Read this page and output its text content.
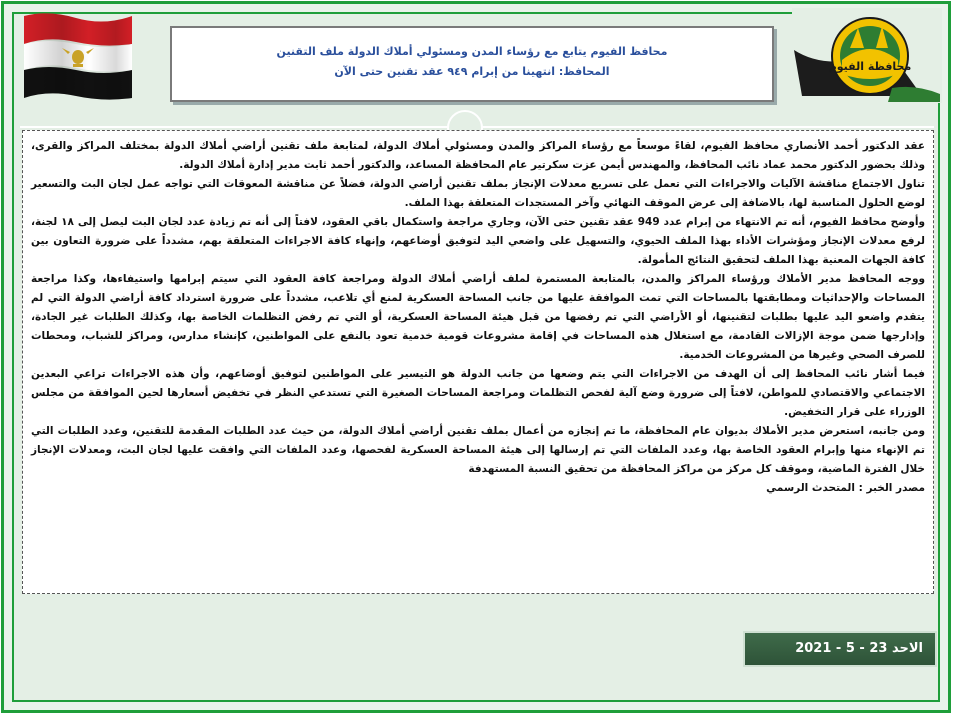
محافظة الفيوم
محافظ الفيوم يتابع مع رؤساء المدن ومسئولي أملاك الدولة ملف التقنين
المحافظ: انتهينا من إبرام ٩٤٩ عقد تقنين حتى الآن

عقد الدكتور أحمد الأنصاري محافظ الفيوم، لقاءً موسعاً مع رؤساء المراكز والمدن ومسئولي أملاك الدولة، لمتابعة ملف تقنين أراضي أملاك الدولة بمختلف المراكز والقرى، وذلك بحضور الدكتور محمد عماد نائب المحافظ، والمهندس أيمن عزت سكرتير عام المحافظة المساعد، والدكتور أحمد ثابت مدير إدارة أملاك الدولة.

تناول الاجتماع مناقشة الآليات والاجراءات التي تعمل على تسريع معدلات الإنجاز بملف تقنين أراضي الدولة، فضلاً عن مناقشة المعوقات التي تواجه عمل لجان البت والتسعير لوضع الحلول المناسبة لها، بالاضافة إلى عرض الموقف النهائي وآخر المستجدات المتعلقة بهذا الملف.

وأوضح محافظ الفيوم، أنه تم الانتهاء من إبرام عدد 949 عقد تقنين حتى الآن، وجاري مراجعة واستكمال باقي العقود، لافتاً إلى أنه تم زيادة عدد لجان البت ليصل إلى ١٨ لجنة، لرفع معدلات الإنجاز ومؤشرات الأداء بهذا الملف الحيوي، والتسهيل على واضعي اليد لتوفيق أوضاعهم، وإنهاء كافة الاجراءات المتعلقة بهم، مشدداً على ضرورة التعاون بين كافة الجهات المعنية بهذا الملف لتحقيق النتائج المأمولة.

ووجه المحافظ مدير الأملاك ورؤساء المراكز والمدن، بالمتابعة المستمرة لملف أراضي أملاك الدولة ومراجعة كافة العقود التي سيتم إبرامها واستيفاءها، وكذا مراجعة المساحات والإحداثيات ومطابقتها بالمساحات التي تمت الموافقة عليها من جانب المساحة العسكرية لمنع أي تلاعب، مشدداً على ضرورة استرداد كافة أراضي الدولة التي لم يتقدم واضعو اليد عليها بطلبات لتقنينها، أو الأراضي التي تم رفضها من قبل هيئة المساحة العسكرية، أو التي تم رفض التظلمات الخاصة بها، وكذلك الطلبات غير الجادة، وإدارجها ضمن موجة الإزالات القادمة، مع استغلال هذه المساحات في إقامة مشروعات قومية خدمية تعود بالنفع على المواطنين، كإنشاء مدارس، ومراكز للشباب، ومحطات للصرف الصحي وغيرها من المشروعات الخدمية.

فيما أشار نائب المحافظ إلى أن الهدف من الاجراءات التي يتم وضعها من جانب الدولة هو التيسير على المواطنين لتوفيق أوضاعهم، وأن هذه الاجراءات تراعي البعدين الاجتماعي والاقتصادي للمواطن، لافتاً إلى ضرورة وضع آلية لفحص التظلمات ومراجعة المساحات الصغيرة التي تستدعي النظر في تخفيض أسعارها لحين الموافقة من مجلس الوزراء على قرار التخفيض.

ومن جانبه، استعرض مدير الأملاك بديوان عام المحافظة، ما تم إنجازه من أعمال بملف تقنين أراضي أملاك الدولة، من حيث عدد الطلبات المقدمة للتقنين، وعدد الطلبات التي تم الإنهاء منها وإبرام العقود الخاصة بها، وعدد الملفات التي تم إرسالها إلى هيئة المساحة العسكرية لفحصها، وعدد الملفات التي وافقت عليها لجان البت، ومعدلات الإنجاز خلال الفترة الماضية، وموقف كل مركز من مراكز المحافظة من تحقيق النسبة المستهدفة

مصدر الخبر : المتحدث الرسمي

الاحد 23 - 5 - 2021
